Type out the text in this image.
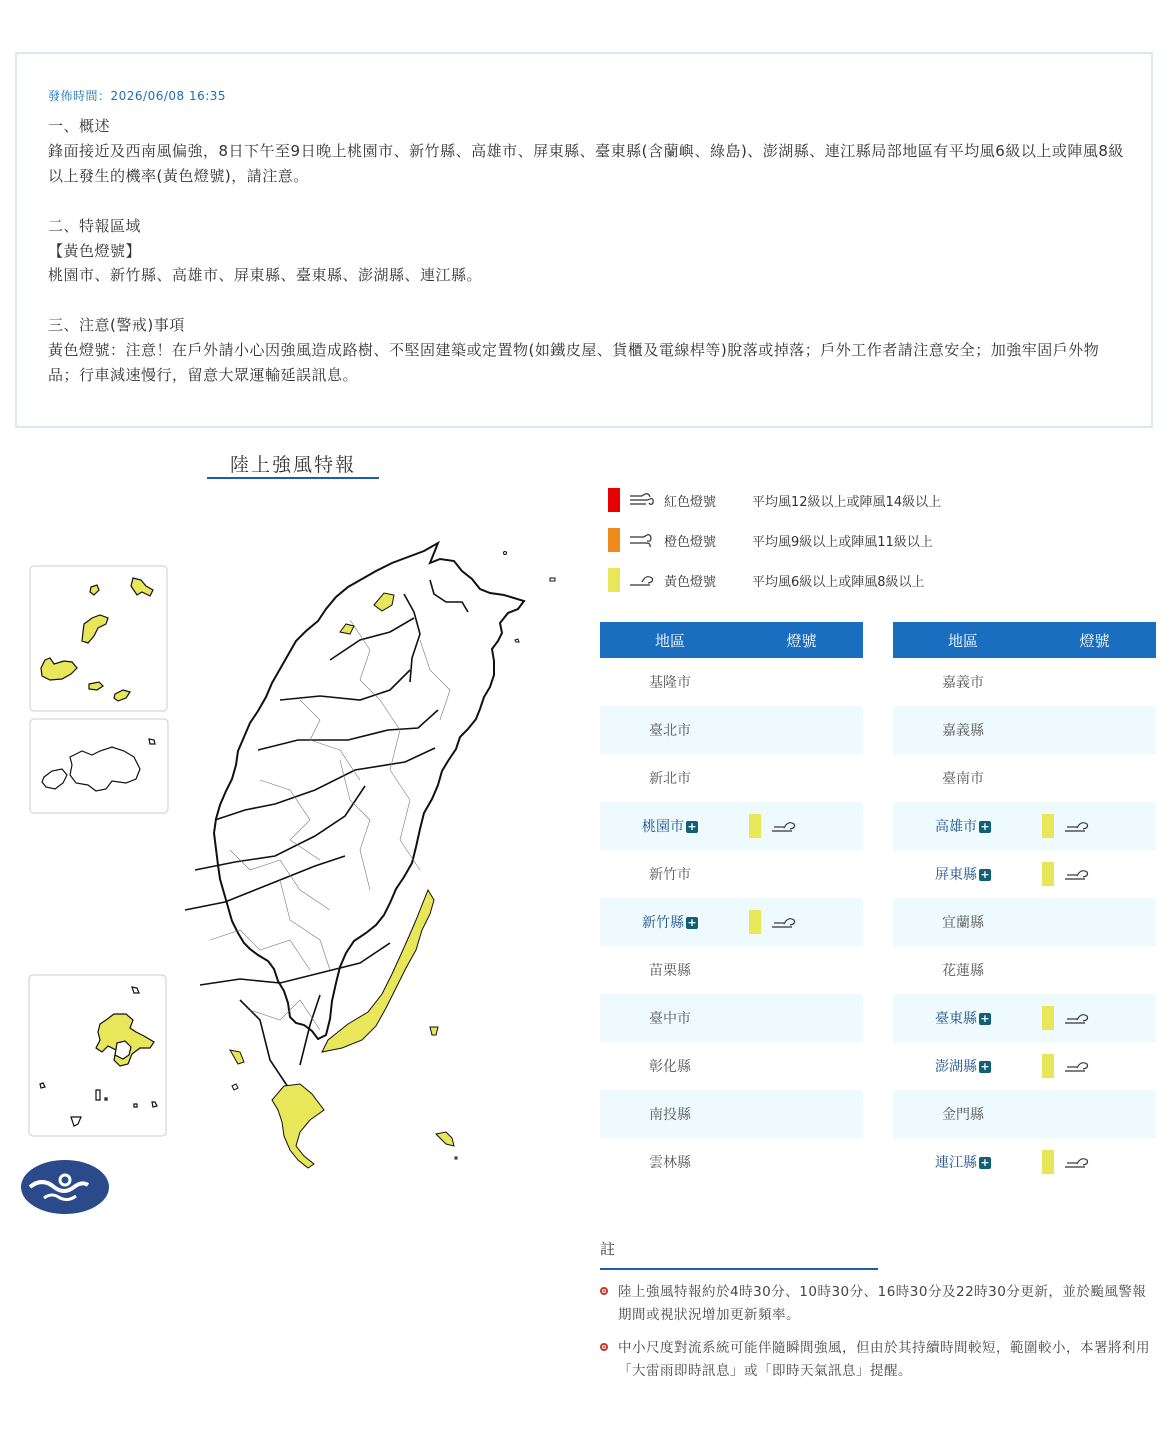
發佈時間：2026/06/08 16:35
一、概述
鋒面接近及西南風偏強，8日下午至9日晚上桃園市、新竹縣、高雄市、屏東縣、臺東縣(含蘭嶼、綠島)、澎湖縣、連江縣局部地區有平均風6級以上或陣風8級以上發生的機率(黃色燈號)，請注意。
二、特報區域
【黃色燈號】
桃園市、新竹縣、高雄市、屏東縣、臺東縣、澎湖縣、連江縣。
三、注意(警戒)事項
黃色燈號：注意！在戶外請小心因強風造成路樹、不堅固建築或定置物(如鐵皮屋、貨櫃及電線桿等)脫落或掉落；戶外工作者請注意安全；加強牢固戶外物品；行車減速慢行，留意大眾運輸延誤訊息。
陸上強風特報
紅色燈號	平均風12級以上或陣風14級以上
橙色燈號	平均風9級以上或陣風11級以上
黃色燈號	平均風6級以上或陣風8級以上
地區	燈號
基隆市
臺北市
新北市
桃園市 +
新竹市
新竹縣 +
苗栗縣
臺中市
彰化縣
南投縣
雲林縣
地區	燈號
嘉義市
嘉義縣
臺南市
高雄市 +
屏東縣 +
宜蘭縣
花蓮縣
臺東縣 +
澎湖縣 +
金門縣
連江縣 +
註
陸上強風特報約於4時30分、10時30分、16時30分及22時30分更新，並於颱風警報期間或視狀況增加更新頻率。
中小尺度對流系統可能伴隨瞬間強風，但由於其持續時間較短，範圍較小，本署將利用「大雷雨即時訊息」或「即時天氣訊息」提醒。
